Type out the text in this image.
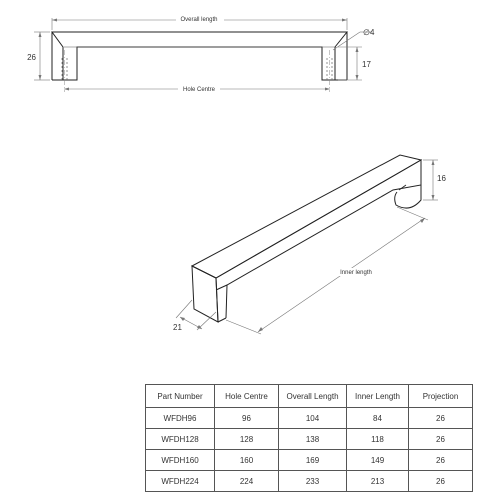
Overall length
Hole Centre
26
∅ 4
17
16
21
Inner length
Part Number	Hole Centre	Overall Length	Inner Length	Projection
WFDH96	96	104	84	26
WFDH128	128	138	118	26
WFDH160	160	169	149	26
WFDH224	224	233	213	26
